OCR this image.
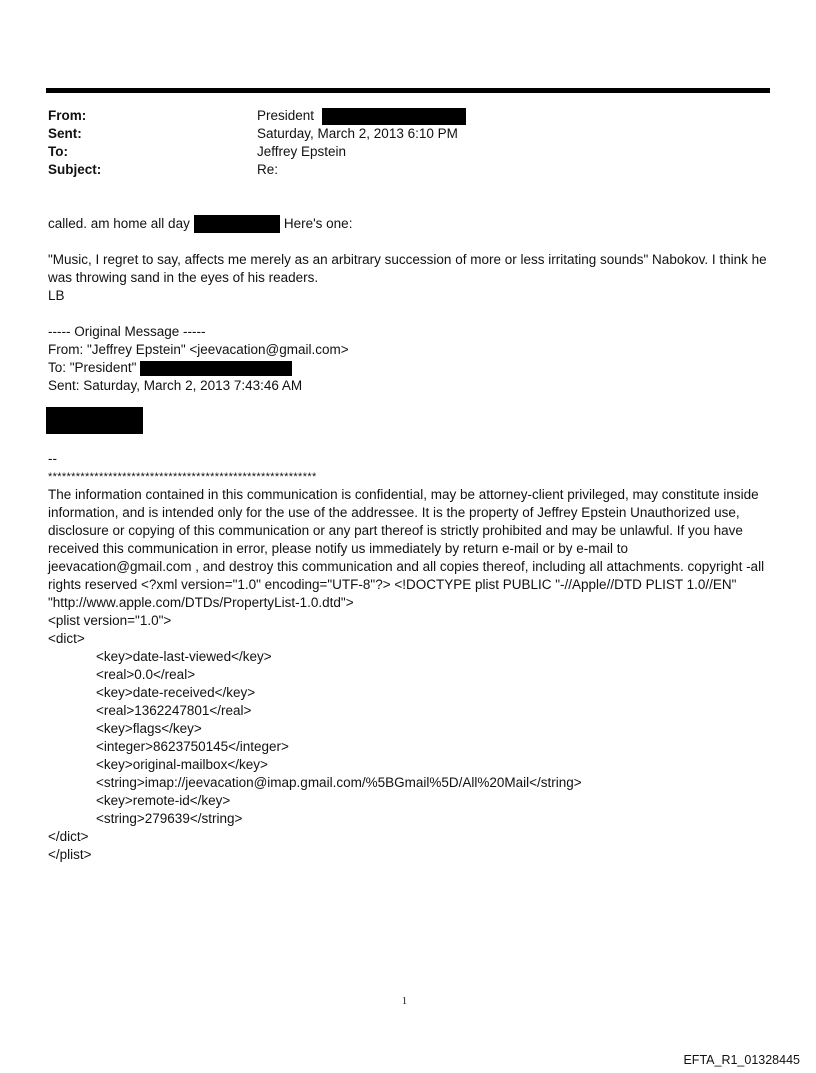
From:	President
Sent:	Saturday, March 2, 2013 6:10 PM
To:	Jeffrey Epstein
Subject:	Re:
called. am home all day	Here's one:
"Music, I regret to say, affects me merely as an arbitrary succession of more or less irritating sounds" Nabokov. I think he was throwing sand in the eyes of his readers.
LB
----- Original Message -----
From: "Jeffrey Epstein" <jeevacation@gmail.com>
To: "President"
Sent: Saturday, March 2, 2013 7:43:46 AM
--
**********************************************************
The information contained in this communication is confidential, may be attorney-client privileged, may constitute inside information, and is intended only for the use of the addressee. It is the property of Jeffrey Epstein Unauthorized use, disclosure or copying of this communication or any part thereof is strictly prohibited and may be unlawful. If you have received this communication in error, please notify us immediately by return e-mail or by e-mail to jeevacation@gmail.com , and destroy this communication and all copies thereof, including all attachments. copyright -all rights reserved <?xml version="1.0" encoding="UTF-8"?> <!DOCTYPE plist PUBLIC "-//Apple//DTD PLIST 1.0//EN" "http://www.apple.com/DTDs/PropertyList-1.0.dtd">
<plist version="1.0">
<dict>
<key>date-last-viewed</key>
<real>0.0</real>
<key>date-received</key>
<real>1362247801</real>
<key>flags</key>
<integer>8623750145</integer>
<key>original-mailbox</key>
<string>imap://jeevacation@imap.gmail.com/%5BGmail%5D/All%20Mail</string>
<key>remote-id</key>
<string>279639</string>
</dict>
</plist>
1
EFTA_R1_01328445
